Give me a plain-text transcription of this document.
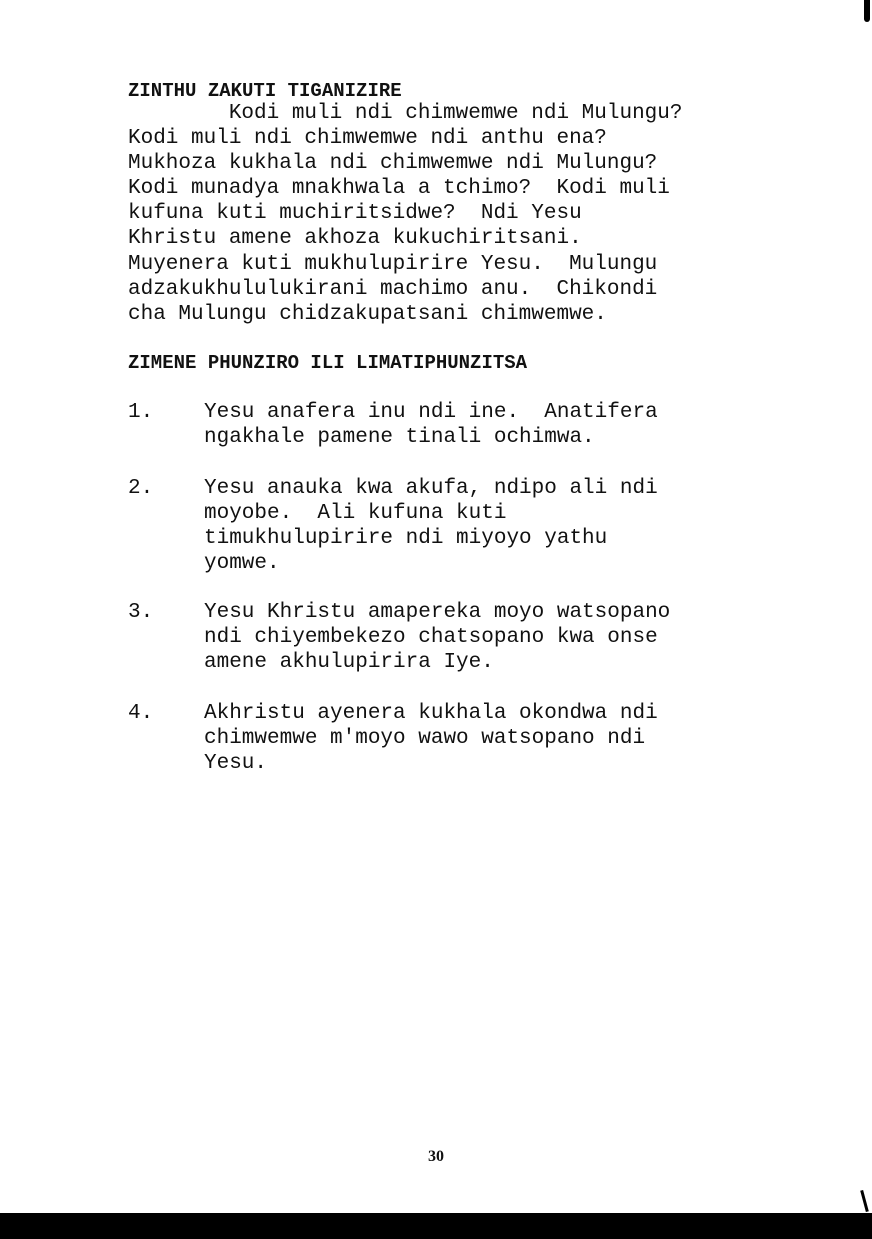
ZINTHU ZAKUTI TIGANIZIRE

Kodi muli ndi chimwemwe ndi Mulungu?
Kodi muli ndi chimwemwe ndi anthu ena?
Mukhoza kukhala ndi chimwemwe ndi Mulungu?
Kodi munadya mnakhwala a tchimo?  Kodi muli
kufuna kuti muchiritsidwe?  Ndi Yesu
Khristu amene akhoza kukuchiritsani.
Muyenera kuti mukhulupirire Yesu.  Mulungu
adzakukhululukirani machimo anu.  Chikondi
cha Mulungu chidzakupatsani chimwemwe.

ZIMENE PHUNZIRO ILI LIMATIPHUNZITSA
1.	Yesu anafera inu ndi ine.  Anatifera
ngakhale pamene tinali ochimwa.

2.	Yesu anauka kwa akufa, ndipo ali ndi
moyobe.  Ali kufuna kuti
timukhulupirire ndi miyoyo yathu
yomwe.

3.	Yesu Khristu amapereka moyo watsopano
ndi chiyembekezo chatsopano kwa onse
amene akhulupirira Iye.

4.	Akhristu ayenera kukhala okondwa ndi
chimwemwe m'moyo wawo watsopano ndi
Yesu.

30
